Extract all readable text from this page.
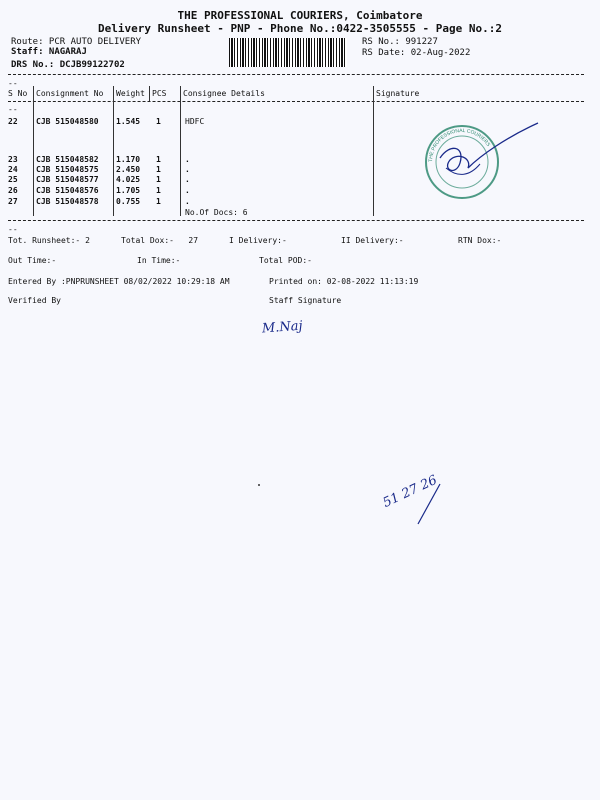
THE PROFESSIONAL COURIERS, Coimbatore
Delivery Runsheet - PNP - Phone No.:0422-3505555 - Page No.:2
Route: PCR AUTO DELIVERY
Staff: NAGARAJ
DRS No.: DCJB99122702
RS No.: 991227
RS Date: 02-Aug-2022
--
S No Consignment No Weight PCS Consignee Details	Signature
--
22 CJB 515048580 1.545 1	HDFC
23 CJB 515048582 1.170 1	.
24 CJB 515048575 2.450 1	.
25 CJB 515048577 4.025 1	.
26 CJB 515048576 1.705 1	.
27 CJB 515048578 0.755 1	.
No.Of Docs: 6
THE PROFESSIONAL COURIERS
--
Tot. Runsheet:- 2	Total Dox:-   27	I Delivery:-	II Delivery:-	RTN Dox:-
Out Time:-	In Time:-	Total POD:-
Entered By :PNPRUNSHEET 08/02/2022 10:29:18 AM	Printed on: 02-08-2022 11:13:19
Verified By	Staff Signature
M.Naj
51 27 26
